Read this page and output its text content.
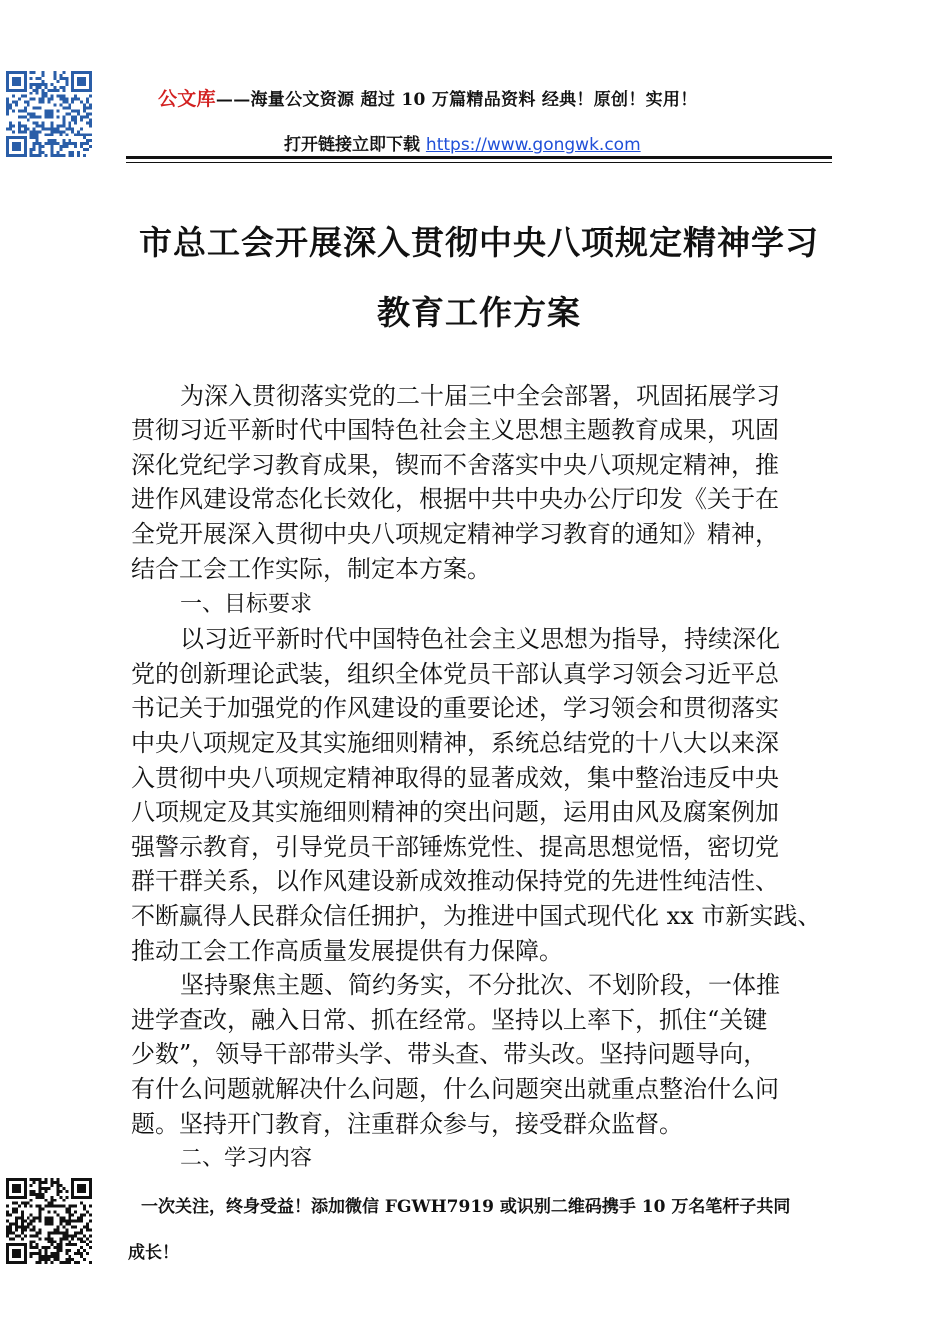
公文库——海量公文资源 超过 10 万篇精品资料 经典！原创！实用！
打开链接立即下载 https://www.gongwk.com
市总工会开展深入贯彻中央八项规定精神学习
教育工作方案
为深入贯彻落实党的二十届三中全会部署，巩固拓展学习
贯彻习近平新时代中国特色社会主义思想主题教育成果，巩固
深化党纪学习教育成果，锲而不舍落实中央八项规定精神，推
进作风建设常态化长效化，根据中共中央办公厅印发《关于在
全党开展深入贯彻中央八项规定精神学习教育的通知》精神，
结合工会工作实际，制定本方案。
一、目标要求
以习近平新时代中国特色社会主义思想为指导，持续深化
党的创新理论武装，组织全体党员干部认真学习领会习近平总
书记关于加强党的作风建设的重要论述，学习领会和贯彻落实
中央八项规定及其实施细则精神，系统总结党的十八大以来深
入贯彻中央八项规定精神取得的显著成效，集中整治违反中央
八项规定及其实施细则精神的突出问题，运用由风及腐案例加
强警示教育，引导党员干部锤炼党性、提高思想觉悟，密切党
群干群关系，以作风建设新成效推动保持党的先进性纯洁性、
不断赢得人民群众信任拥护，为推进中国式现代化 xx 市新实践、
推动工会工作高质量发展提供有力保障。
坚持聚焦主题、简约务实，不分批次、不划阶段，一体推
进学查改，融入日常、抓在经常。坚持以上率下，抓住“关键
少数”，领导干部带头学、带头查、带头改。坚持问题导向，
有什么问题就解决什么问题，什么问题突出就重点整治什么问
题。坚持开门教育，注重群众参与，接受群众监督。
二、学习内容
一次关注，终身受益！添加微信 FGWH7919 或识别二维码携手 10 万名笔杆子共同
成长！
